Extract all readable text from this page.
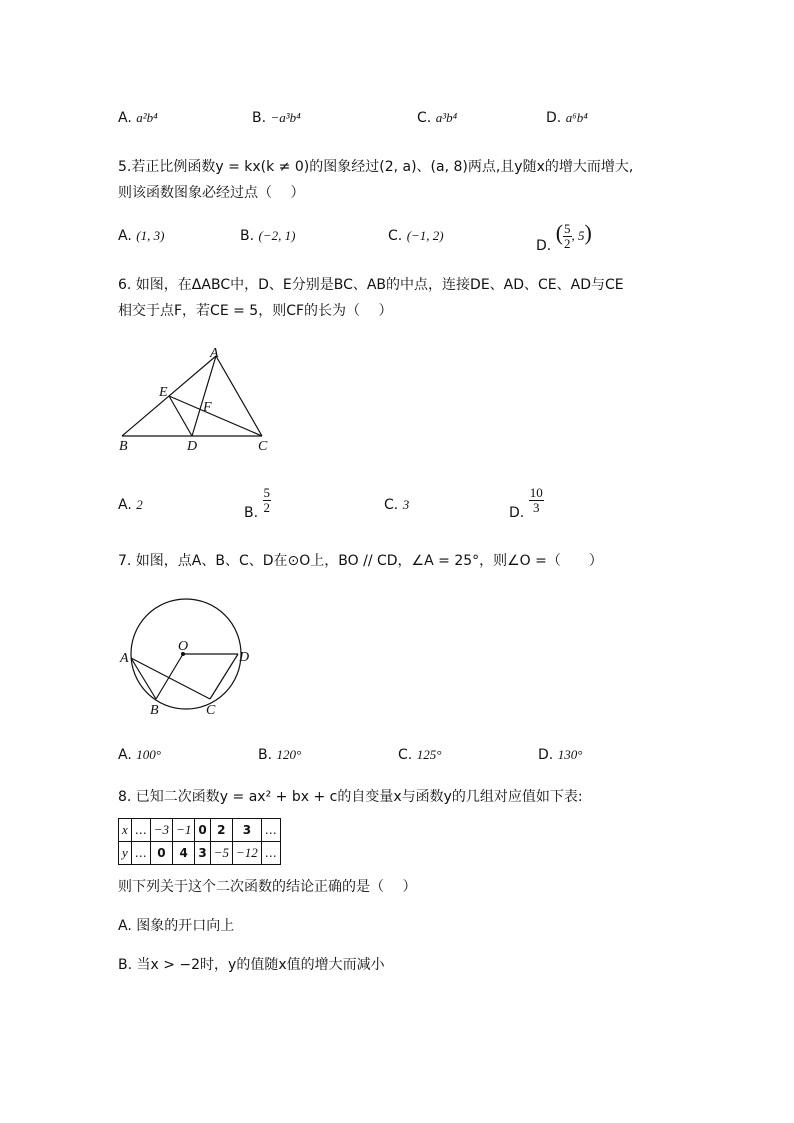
A. a²b⁴	B. −a³b⁴	C. a³b⁴	D. a⁶b⁴
5.若正比例函数y = kx(k ≠ 0)的图象经过(2, a)、(a, 8)两点,且y随x的增大而增大,
则该函数图象必经过点（　 ）
A. (1, 3)	B. (−2, 1)	C. (−1, 2)
D. ( $\frac{5}{2}$ , 5)
6. 如图，在ΔABC中，D、E分别是BC、AB的中点，连接DE、AD、CE、AD与CE
相交于点F，若CE = 5，则CF的长为（　 ）
A
E
F
B	D	C
A. 2	B. $\frac{5}{2}$	C. 3	D. $\frac{10}{3}$
7. 如图，点A、B、C、D在⊙O上，BO // CD，∠A = 25°，则∠O =（　　）
O
A	D
B	C
A. 100°	B. 120°	C. 125°	D. 130°
8. 已知二次函数y = ax² + bx + c的自变量x与函数y的几组对应值如下表:
x	…	−3	−1	0	2	3	…
y	…	0	4	3	−5	−12	…
则下列关于这个二次函数的结论正确的是（　 ）
A. 图象的开口向上
B. 当x > −2时，y的值随x值的增大而减小
